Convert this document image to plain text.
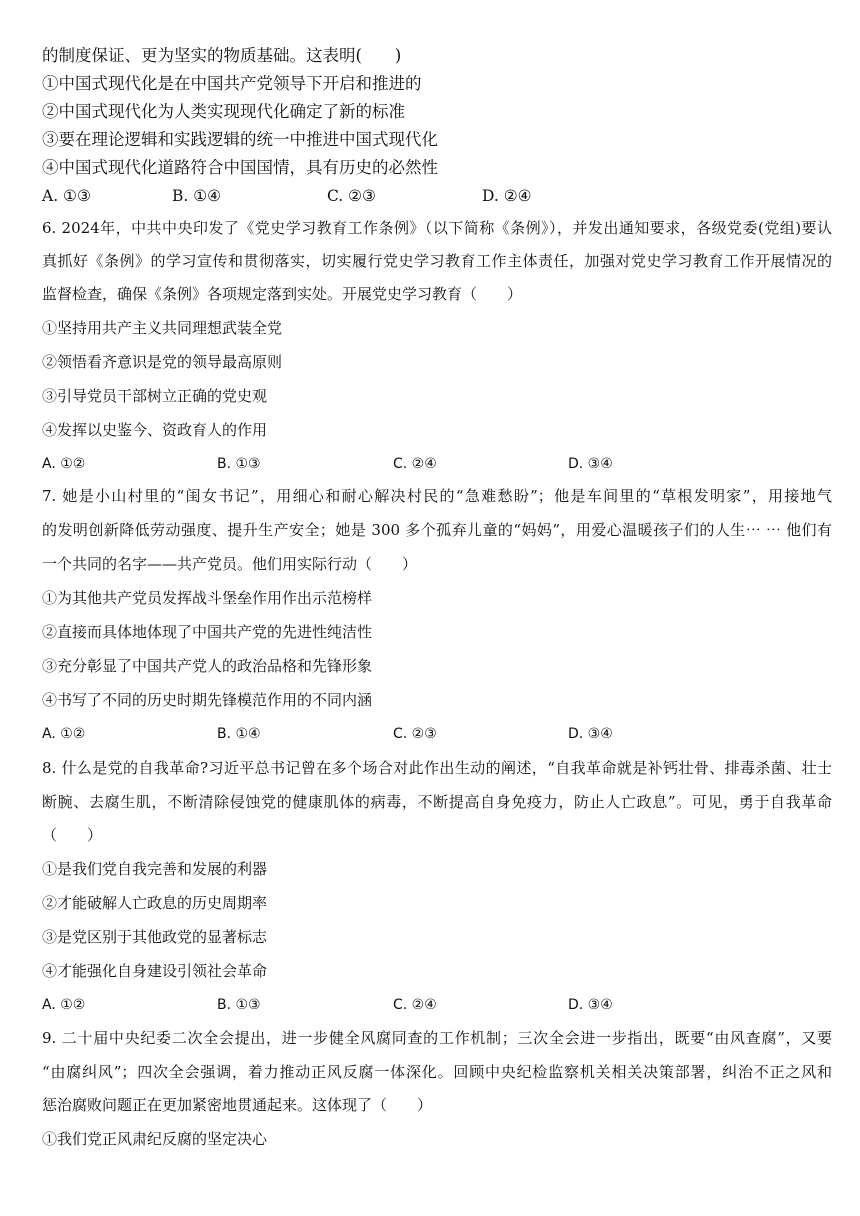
的制度保证、更为坚实的物质基础。这表明(　　)
①中国式现代化是在中国共产党领导下开启和推进的
②中国式现代化为人类实现现代化确定了新的标准
③要在理论逻辑和实践逻辑的统一中推进中国式现代化
④中国式现代化道路符合中国国情，具有历史的必然性
A. ①③	B. ①④	C. ②③	D. ②④
6. 2024年，中共中央印发了《党史学习教育工作条例》（以下简称《条例》），并发出通知要求，各级党委(党组)要认
真抓好《条例》的学习宣传和贯彻落实，切实履行党史学习教育工作主体责任，加强对党史学习教育工作开展情况的
监督检查，确保《条例》各项规定落到实处。开展党史学习教育（　　）
①坚持用共产主义共同理想武装全党
②领悟看齐意识是党的领导最高原则
③引导党员干部树立正确的党史观
④发挥以史鉴今、资政育人的作用
A. ①②	B. ①③	C. ②④	D. ③④
7. 她是小山村里的“闺女书记”，用细心和耐心解决村民的“急难愁盼”；他是车间里的“草根发明家”，用接地气
的发明创新降低劳动强度、提升生产安全；她是 300 多个孤弃儿童的“妈妈”，用爱心温暖孩子们的人生⋯ ⋯ 他们有
一个共同的名字——共产党员。他们用实际行动（　　）
①为其他共产党员发挥战斗堡垒作用作出示范榜样
②直接而具体地体现了中国共产党的先进性纯洁性
③充分彰显了中国共产党人的政治品格和先锋形象
④书写了不同的历史时期先锋模范作用的不同内涵
A. ①②	B. ①④	C. ②③	D. ③④
8. 什么是党的自我革命?习近平总书记曾在多个场合对此作出生动的阐述，“自我革命就是补钙壮骨、排毒杀菌、壮士
断腕、去腐生肌，不断清除侵蚀党的健康肌体的病毒，不断提高自身免疫力，防止人亡政息”。可见，勇于自我革命
（　　）
①是我们党自我完善和发展的利器
②才能破解人亡政息的历史周期率
③是党区别于其他政党的显著标志
④才能强化自身建设引领社会革命
A. ①②	B. ①③	C. ②④	D. ③④
9. 二十届中央纪委二次全会提出，进一步健全风腐同查的工作机制；三次全会进一步指出，既要“由风查腐”，又要
“由腐纠风”；四次全会强调，着力推动正风反腐一体深化。回顾中央纪检监察机关相关决策部署，纠治不正之风和
惩治腐败问题正在更加紧密地贯通起来。这体现了（　　）
①我们党正风肃纪反腐的坚定决心
